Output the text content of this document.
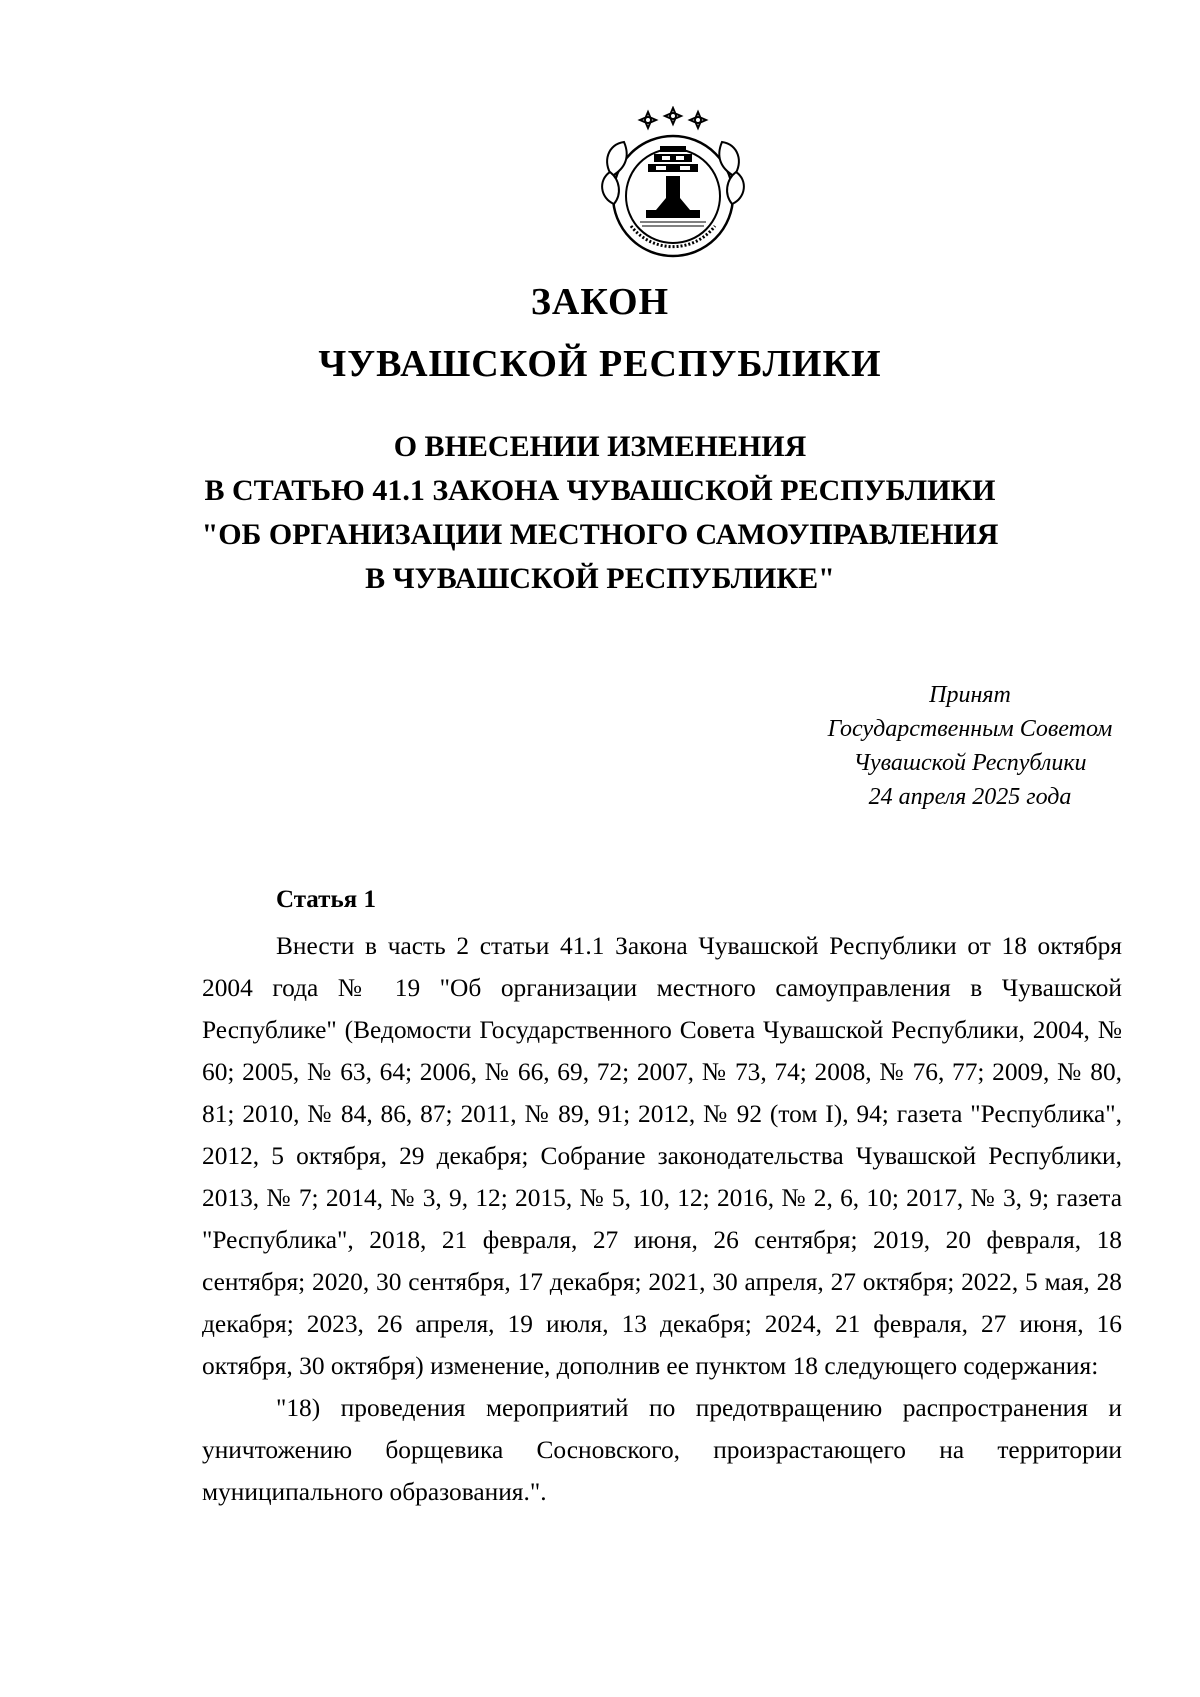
ЗАКОН
ЧУВАШСКОЙ РЕСПУБЛИКИ
О ВНЕСЕНИИ ИЗМЕНЕНИЯ
В СТАТЬЮ 41.1 ЗАКОНА ЧУВАШСКОЙ РЕСПУБЛИКИ
"ОБ ОРГАНИЗАЦИИ МЕСТНОГО САМОУПРАВЛЕНИЯ
В ЧУВАШСКОЙ РЕСПУБЛИКЕ"
Принят
Государственным Советом
Чувашской Республики
24 апреля 2025 года
Статья 1

Внести в часть 2 статьи 41.1 Закона Чувашской Республики от 18 октября 2004 года № 19 "Об организации местного самоуправления в Чувашской Республике" (Ведомости Государственного Совета Чувашской Республики, 2004, № 60; 2005, № 63, 64; 2006, № 66, 69, 72; 2007, № 73, 74; 2008, № 76, 77; 2009, № 80, 81; 2010, № 84, 86, 87; 2011, № 89, 91; 2012, № 92 (том I), 94; газета "Республика", 2012, 5 октября, 29 декабря; Собрание законодательства Чувашской Республики, 2013, № 7; 2014, № 3, 9, 12; 2015, № 5, 10, 12; 2016, № 2, 6, 10; 2017, № 3, 9; газета "Республика", 2018, 21 февраля, 27 июня, 26 сентября; 2019, 20 февраля, 18 сентября; 2020, 30 сентября, 17 декабря; 2021, 30 апреля, 27 октября; 2022, 5 мая, 28 декабря; 2023, 26 апреля, 19 июля, 13 декабря; 2024, 21 февраля, 27 июня, 16 октября, 30 октября) изменение, дополнив ее пунктом 18 следующего содержания:

"18) проведения мероприятий по предотвращению распространения и уничтожению борщевика Сосновского, произрастающего на территории муниципального образования.".
